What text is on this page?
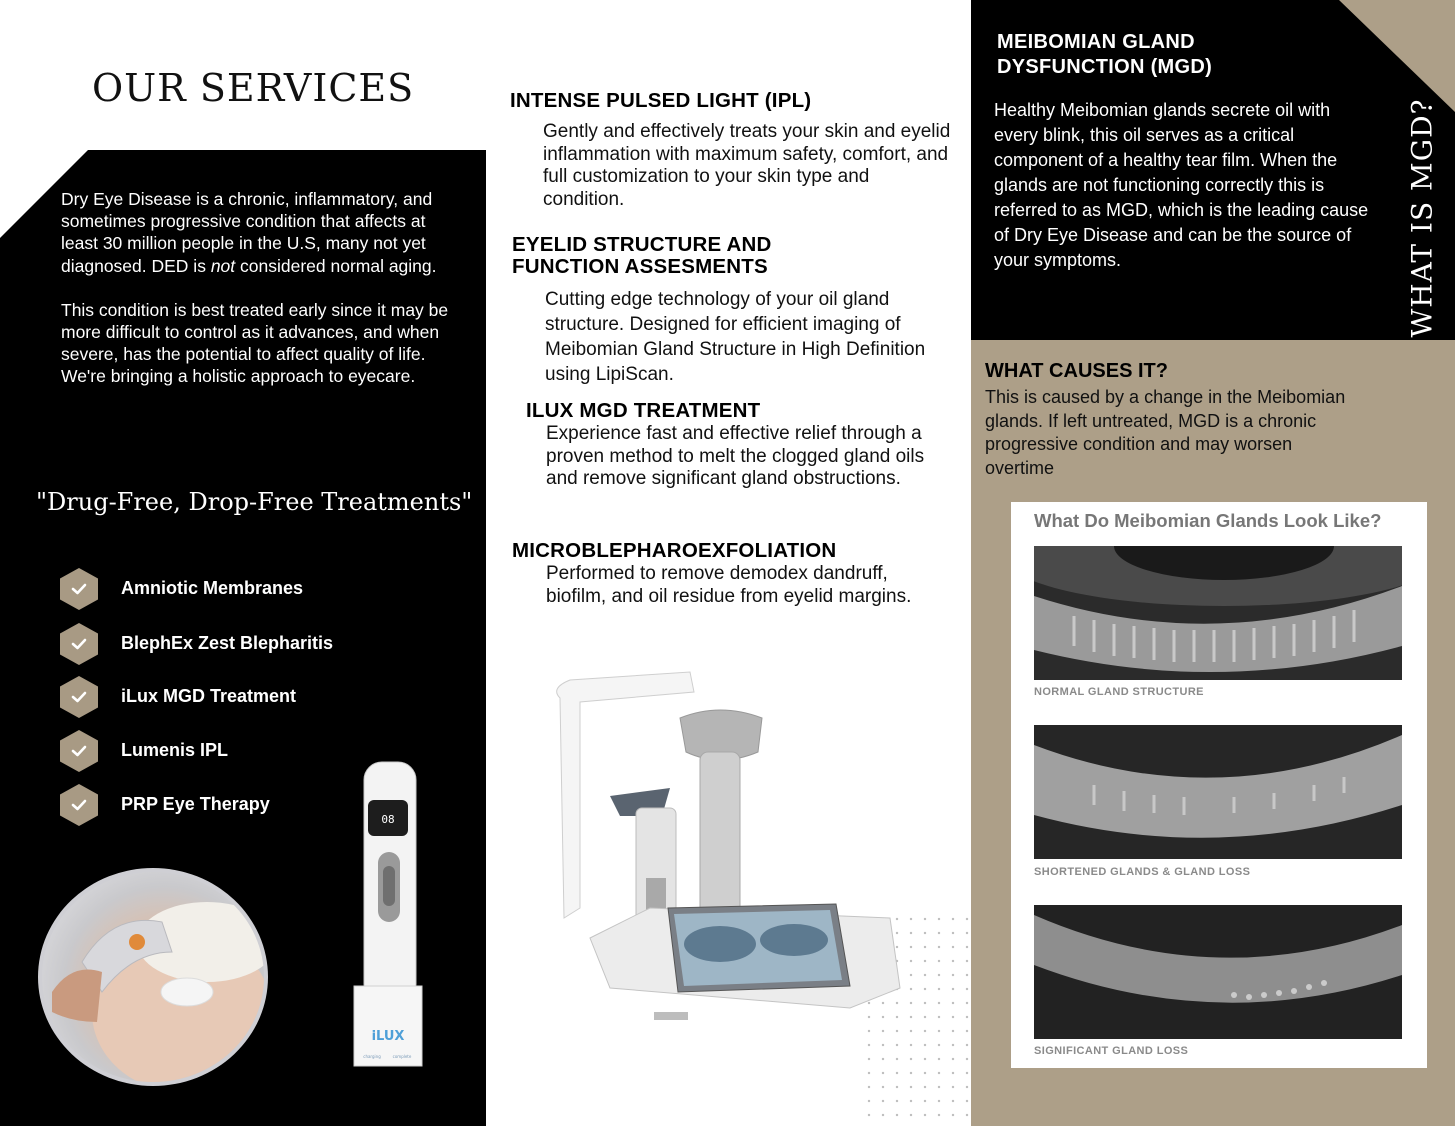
OUR SERVICES

Dry Eye Disease is a chronic, inflammatory, and sometimes progressive condition that affects at least 30 million people in the U.S, many not yet diagnosed. DED is not considered normal aging.

This condition is best treated early since it may be more difficult to control as it advances, and when severe, has the potential to affect quality of life. We're bringing a holistic approach to eyecare.

"Drug-Free, Drop-Free Treatments"
Amniotic Membranes
BlephEx Zest Blepharitis
iLux MGD Treatment
Lumenis IPL
PRP Eye Therapy
08
iLUX
charging	complete
INTENSE PULSED LIGHT (IPL)

Gently and effectively treats your skin and eyelid inflammation with maximum safety, comfort, and full customization to your skin type and condition.

EYELID STRUCTURE AND FUNCTION ASSESMENTS

Cutting edge technology of your oil gland structure. Designed for efficient imaging of Meibomian Gland Structure in High Definition using LipiScan.

ILUX MGD TREATMENT

Experience fast and effective relief through a proven method to melt the clogged gland oils and remove significant gland obstructions.

MICROBLEPHAROEXFOLIATION

Performed to remove demodex dandruff, biofilm, and oil residue from eyelid margins.

MEIBOMIAN GLAND DYSFUNCTION (MGD)

Healthy Meibomian glands secrete oil with every blink, this oil serves as a critical component of a healthy tear film. When the glands are not functioning correctly this is referred to as MGD, which is the leading cause of Dry Eye Disease and can be the source of your symptoms.	WHAT IS MGD?
WHAT CAUSES IT?

This is caused by a change in the Meibomian glands. If left untreated, MGD is a chronic progressive condition and may worsen overtime

What Do Meibomian Glands Look Like?
NORMAL GLAND STRUCTURE
SHORTENED GLANDS & GLAND LOSS
SIGNIFICANT GLAND LOSS
